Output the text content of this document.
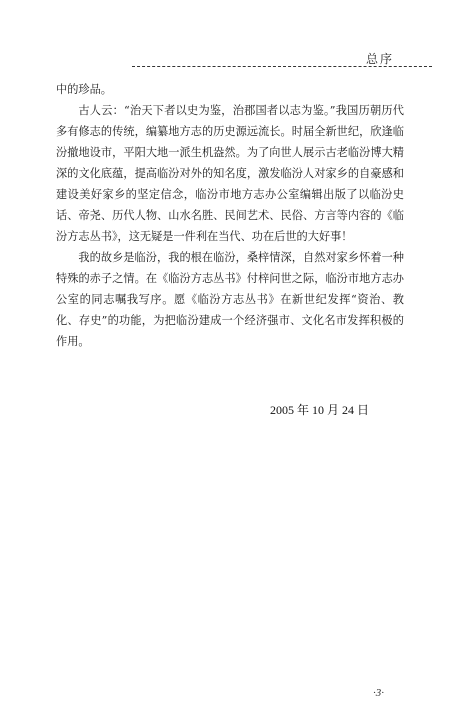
总序

中的珍品。

古人云：“治天下者以史为鉴，治郡国者以志为鉴。”我国历朝历代多有修志的传统，编纂地方志的历史源远流长。时届全新世纪，欣逢临汾撤地设市，平阳大地一派生机盎然。为了向世人展示古老临汾博大精深的文化底蕴，提高临汾对外的知名度，激发临汾人对家乡的自豪感和建设美好家乡的坚定信念，临汾市地方志办公室编辑出版了以临汾史话、帝尧、历代人物、山水名胜、民间艺术、民俗、方言等内容的《临汾方志丛书》，这无疑是一件利在当代、功在后世的大好事！

我的故乡是临汾，我的根在临汾，桑梓情深，自然对家乡怀着一种特殊的赤子之情。在《临汾方志丛书》付梓问世之际，临汾市地方志办公室的同志嘱我写序。愿《临汾方志丛书》在新世纪发挥“资治、教化、存史”的功能，为把临汾建成一个经济强市、文化名市发挥积极的作用。

2005 年 10 月 24 日
·3·
